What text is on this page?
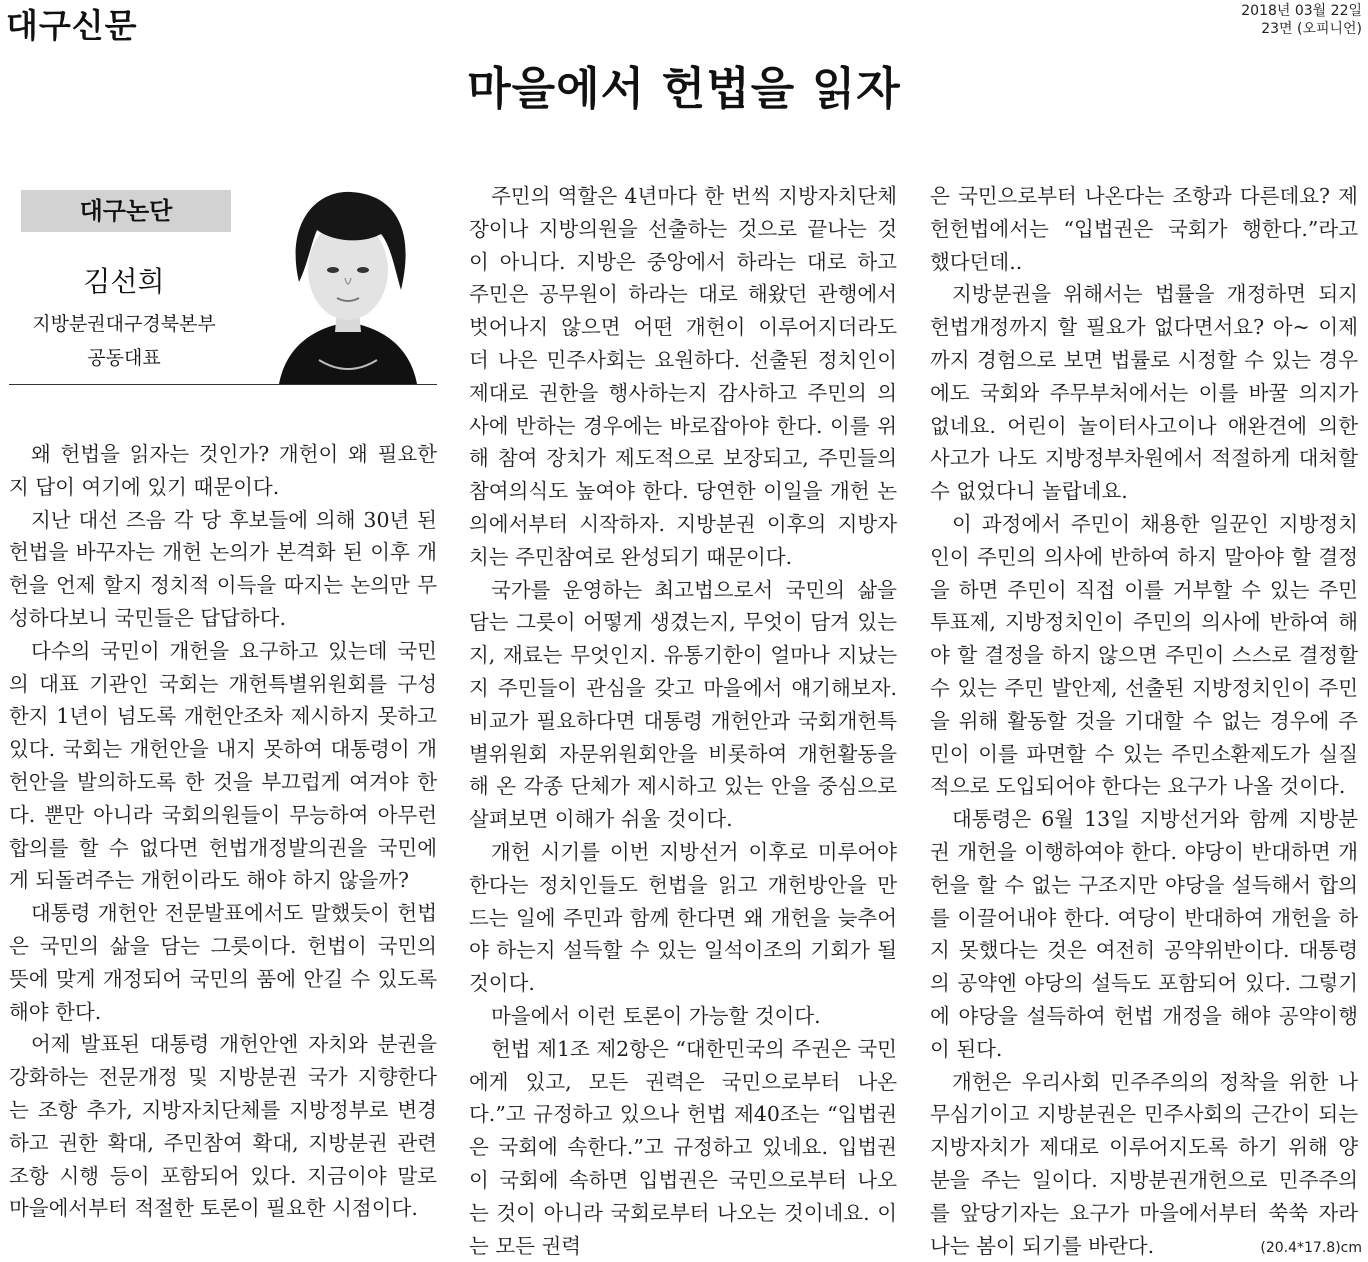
대구신문	2018년 03월 22일
23면 (오피니언)
마을에서 헌법을 읽자
대구논단
김선희
지방분권대구경북본부
공동대표

왜 헌법을 읽자는 것인가? 개헌이 왜 필요한지 답이 여기에 있기 때문이다.

지난 대선 즈음 각 당 후보들에 의해 30년 된 헌법을 바꾸자는 개헌 논의가 본격화 된 이후 개헌을 언제 할지 정치적 이득을 따지는 논의만 무성하다보니 국민들은 답답하다.

다수의 국민이 개헌을 요구하고 있는데 국민의 대표 기관인 국회는 개헌특별위원회를 구성한지 1년이 넘도록 개헌안조차 제시하지 못하고 있다. 국회는 개헌안을 내지 못하여 대통령이 개헌안을 발의하도록 한 것을 부끄럽게 여겨야 한다. 뿐만 아니라 국회의원들이 무능하여 아무런 합의를 할 수 없다면 헌법개정발의권을 국민에게 되돌려주는 개헌이라도 해야 하지 않을까?

대통령 개헌안 전문발표에서도 말했듯이 헌법은 국민의 삶을 담는 그릇이다. 헌법이 국민의 뜻에 맞게 개정되어 국민의 품에 안길 수 있도록 해야 한다.

어제 발표된 대통령 개헌안엔 자치와 분권을 강화하는 전문개정 및 지방분권 국가 지향한다는 조항 추가, 지방자치단체를 지방정부로 변경하고 권한 확대, 주민참여 확대, 지방분권 관련조항 시행 등이 포함되어 있다. 지금이야 말로 마을에서부터 적절한 토론이 필요한 시점이다.

주민의 역할은 4년마다 한 번씩 지방자치단체장이나 지방의원을 선출하는 것으로 끝나는 것이 아니다. 지방은 중앙에서 하라는 대로 하고 주민은 공무원이 하라는 대로 해왔던 관행에서 벗어나지 않으면 어떤 개헌이 이루어지더라도 더 나은 민주사회는 요원하다. 선출된 정치인이 제대로 권한을 행사하는지 감사하고 주민의 의사에 반하는 경우에는 바로잡아야 한다. 이를 위해 참여 장치가 제도적으로 보장되고, 주민들의 참여의식도 높여야 한다. 당연한 이일을 개헌 논의에서부터 시작하자. 지방분권 이후의 지방자치는 주민참여로 완성되기 때문이다.

국가를 운영하는 최고법으로서 국민의 삶을 담는 그릇이 어떻게 생겼는지, 무엇이 담겨 있는지, 재료는 무엇인지. 유통기한이 얼마나 지났는지 주민들이 관심을 갖고 마을에서 얘기해보자. 비교가 필요하다면 대통령 개헌안과 국회개헌특별위원회 자문위원회안을 비롯하여 개헌활동을 해 온 각종 단체가 제시하고 있는 안을 중심으로 살펴보면 이해가 쉬울 것이다.

개헌 시기를 이번 지방선거 이후로 미루어야 한다는 정치인들도 헌법을 읽고 개헌방안을 만드는 일에 주민과 함께 한다면 왜 개헌을 늦추어야 하는지 설득할 수 있는 일석이조의 기회가 될 것이다.

마을에서 이런 토론이 가능할 것이다.

헌법 제1조 제2항은 “대한민국의 주권은 국민에게 있고, 모든 권력은 국민으로부터 나온다.”고 규정하고 있으나 헌법 제40조는 “입법권은 국회에 속한다.”고 규정하고 있네요. 입법권이 국회에 속하면 입법권은 국민으로부터 나오는 것이 아니라 국회로부터 나오는 것이네요. 이는 모든 권력

은 국민으로부터 나온다는 조항과 다른데요? 제헌헌법에서는 “입법권은 국회가 행한다.”라고 했다던데..

지방분권을 위해서는 법률을 개정하면 되지 헌법개정까지 할 필요가 없다면서요? 아~ 이제까지 경험으로 보면 법률로 시정할 수 있는 경우에도 국회와 주무부처에서는 이를 바꿀 의지가 없네요. 어린이 놀이터사고이나 애완견에 의한 사고가 나도 지방정부차원에서 적절하게 대처할 수 없었다니 놀랍네요.

이 과정에서 주민이 채용한 일꾼인 지방정치인이 주민의 의사에 반하여 하지 말아야 할 결정을 하면 주민이 직접 이를 거부할 수 있는 주민투표제, 지방정치인이 주민의 의사에 반하여 해야 할 결정을 하지 않으면 주민이 스스로 결정할 수 있는 주민 발안제, 선출된 지방정치인이 주민을 위해 활동할 것을 기대할 수 없는 경우에 주민이 이를 파면할 수 있는 주민소환제도가 실질적으로 도입되어야 한다는 요구가 나올 것이다.

대통령은 6월 13일 지방선거와 함께 지방분권 개헌을 이행하여야 한다. 야당이 반대하면 개헌을 할 수 없는 구조지만 야당을 설득해서 합의를 이끌어내야 한다. 여당이 반대하여 개헌을 하지 못했다는 것은 여전히 공약위반이다. 대통령의 공약엔 야당의 설득도 포함되어 있다. 그렇기에 야당을 설득하여 헌법 개정을 해야 공약이행이 된다.

개헌은 우리사회 민주주의의 정착을 위한 나무심기이고 지방분권은 민주사회의 근간이 되는 지방자치가 제대로 이루어지도록 하기 위해 양분을 주는 일이다. 지방분권개헌으로 민주주의를 앞당기자는 요구가 마을에서부터 쑥쑥 자라나는 봄이 되기를 바란다.	(20.4*17.8)cm
